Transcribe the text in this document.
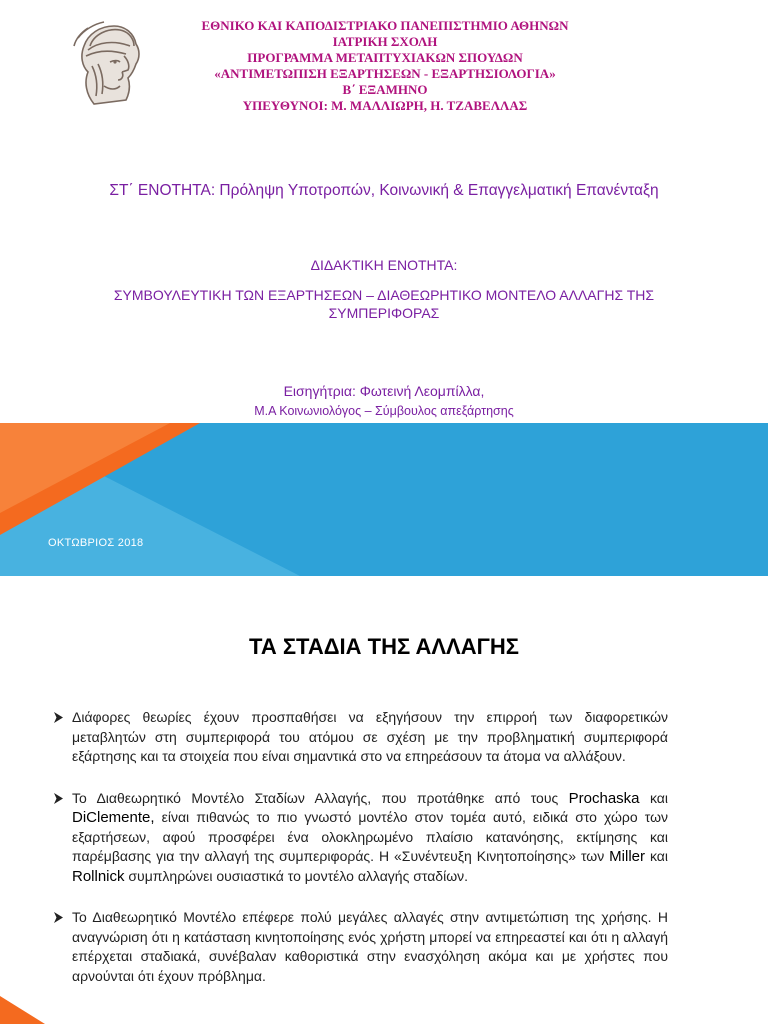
ΕΘΝΙΚΟ ΚΑΙ ΚΑΠΟΔΙΣΤΡΙΑΚΟ ΠΑΝΕΠΙΣΤΗΜΙΟ ΑΘΗΝΩΝ
ΙΑΤΡΙΚΗ ΣΧΟΛΗ
ΠΡΟΓΡΑΜΜΑ ΜΕΤΑΠΤΥΧΙΑΚΩΝ ΣΠΟΥΔΩΝ
«ΑΝΤΙΜΕΤΩΠΙΣΗ ΕΞΑΡΤΗΣΕΩΝ - ΕΞΑΡΤΗΣΙΟΛΟΓΙΑ»
Β΄ ΕΞΑΜΗΝΟ
ΥΠΕΥΘΥΝΟΙ: Μ. ΜΑΛΛΙΩΡΗ, Η. ΤΖΑΒΕΛΛΑΣ
ΣΤ΄ ΕΝΟΤΗΤΑ: Πρόληψη Υποτροπών, Κοινωνική & Επαγγελματική Επανένταξη
ΔΙΔΑΚΤΙΚΗ ΕΝΟΤΗΤΑ:
ΣΥΜΒΟΥΛΕΥΤΙΚΗ ΤΩΝ ΕΞΑΡΤΗΣΕΩΝ – ΔΙΑΘΕΩΡΗΤΙΚΟ ΜΟΝΤΕΛΟ ΑΛΛΑΓΗΣ ΤΗΣ ΣΥΜΠΕΡΙΦΟΡΑΣ
Εισηγήτρια: Φωτεινή Λεομπίλλα,
Μ.Α Κοινωνιολόγος – Σύμβουλος απεξάρτησης
ΟΚΤΩΒΡΙΟΣ 2018
ΤΑ ΣΤΑΔΙΑ ΤΗΣ ΑΛΛΑΓΗΣ
Διάφορες θεωρίες έχουν προσπαθήσει να εξηγήσουν την επιρροή των διαφορετικών μεταβλητών στη συμπεριφορά του ατόμου σε σχέση με την προβληματική συμπεριφορά εξάρτησης και τα στοιχεία που είναι σημαντικά στο να επηρεάσουν τα άτομα να αλλάξουν.
Το Διαθεωρητικό Μοντέλο Σταδίων Αλλαγής, που προτάθηκε από τους Prochaska και DiClemente, είναι πιθανώς το πιο γνωστό μοντέλο στον τομέα αυτό, ειδικά στο χώρο των εξαρτήσεων, αφού προσφέρει ένα ολοκληρωμένο πλαίσιο κατανόησης, εκτίμησης και παρέμβασης για την αλλαγή της συμπεριφοράς. Η «Συνέντευξη Κινητοποίησης» των Miller και Rollnick συμπληρώνει ουσιαστικά το μοντέλο αλλαγής σταδίων.
Το Διαθεωρητικό Μοντέλο επέφερε πολύ μεγάλες αλλαγές στην αντιμετώπιση της χρήσης. Η αναγνώριση ότι η κατάσταση κινητοποίησης ενός χρήστη μπορεί να επηρεαστεί και ότι η αλλαγή επέρχεται σταδιακά, συνέβαλαν καθοριστικά στην ενασχόληση ακόμα και με χρήστες που αρνούνται ότι έχουν πρόβλημα.
